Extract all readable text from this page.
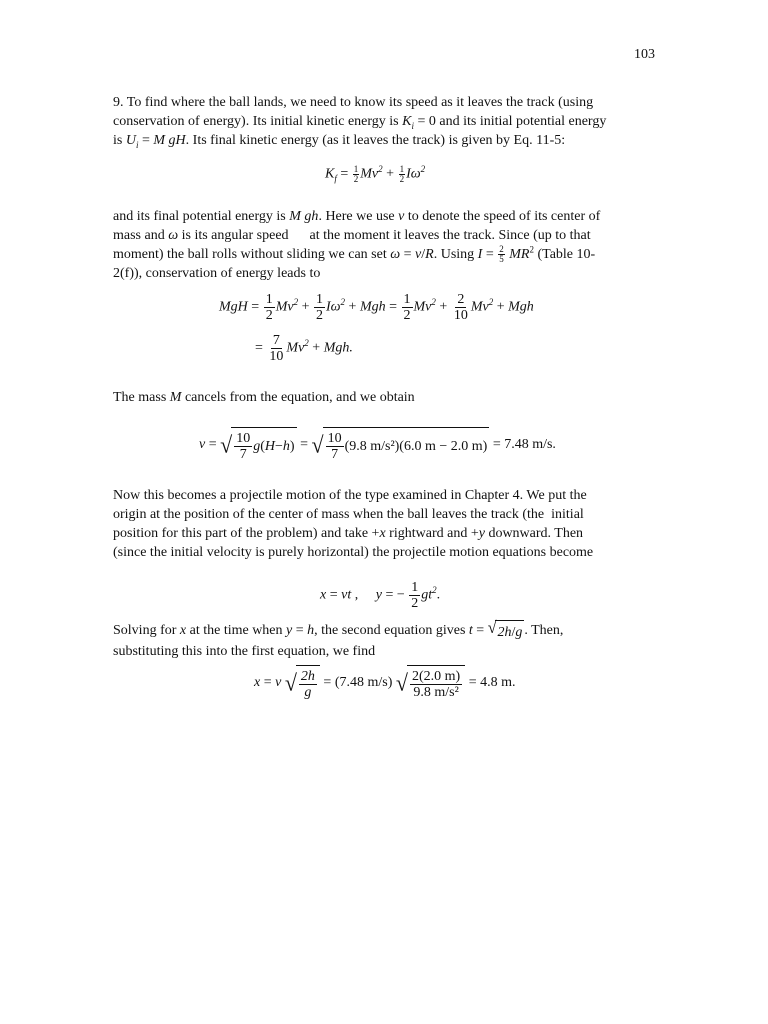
103
9. To find where the ball lands, we need to know its speed as it leaves the track (using
conservation of energy). Its initial kinetic energy is $K_i = 0$ and its initial potential energy
is $U_i = M$ gH. Its final kinetic energy (as it leaves the track) is given by Eq. 11-5:
$K_f = \frac{1}{2} Mv^2 + \frac{1}{2} I\omega^2$
and its final potential energy is M gh. Here we use v to denote the speed of its center of
mass and ω is its angular speed      at the moment it leaves the track. Since (up to that
moment) the ball rolls without sliding we can set ω = v/R. Using $I = \frac{2}{5} MR^2$ (Table 10-
2(f)), conservation of energy leads to
MgH = $\frac{1}{2} Mv^2 + \frac{1}{2} I\omega^2$ + Mgh = $\frac{1}{2} Mv^2 + \frac{2}{10} Mv^2$ + Mgh
= $\frac{7}{10} Mv^2$ + Mgh.
The mass M cancels from the equation, and we obtain
v = √ $\frac{10}{7}$ g ( H − h ) = √ $\frac{10}{7} (9.8$ m/s²)(6.0 m − 2.0 m) = 7.48 m/s.
Now this becomes a projectile motion of the type examined in Chapter 4. We put the
origin at the position of the center of mass when the ball leaves the track (the  initial
position for this part of the problem) and take +x rightward and +y downward. Then
(since the initial velocity is purely horizontal) the projectile motion equations become
x = vt ,     y = − $\frac{1}{2} gt^2$.
Solving for x at the time when y = h, the second equation gives t = √ 2h / g . Then,
substituting this into the first equation, we find
x = v √ $\frac{2h}{g} = (7.48$ m/s) √ $\frac{2(2.0 m)}{\text{9.8 m/s²}} = 4.8$ m.
